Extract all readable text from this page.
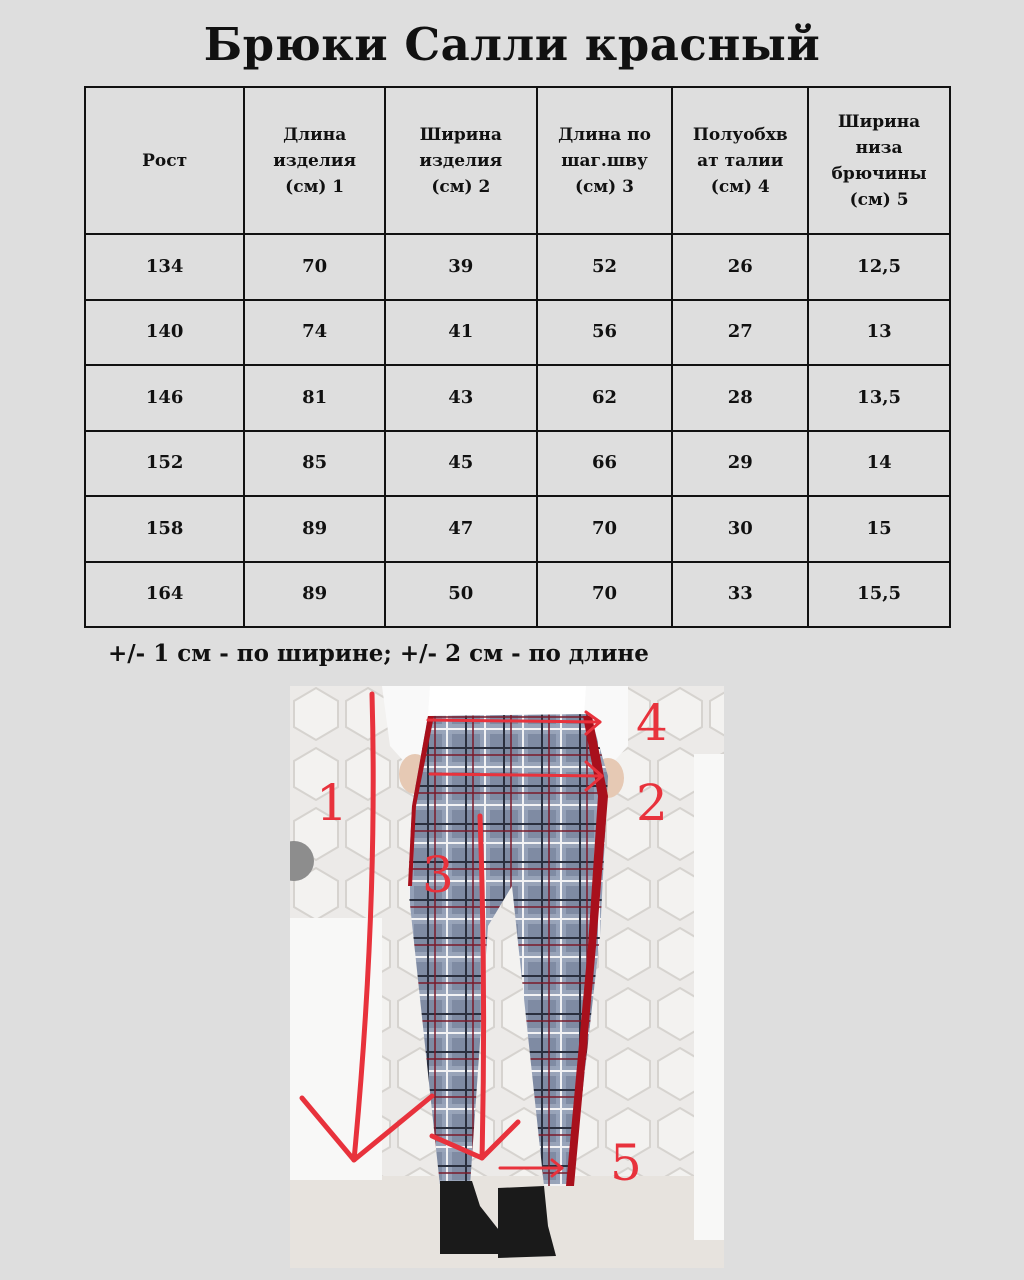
Брюки Салли красный
Рост	Длина
изделия
(см) 1	Ширина
изделия
(см) 2	Длина по
шаг.шву
(см) 3	Полуобхв
ат талии
(см) 4	Ширина
низа
брючины
(см) 5
134	70	39	52	26	12,5
140	74	41	56	27	13
146	81	43	62	28	13,5
152	85	45	66	29	14
158	89	47	70	30	15
164	89	50	70	33	15,5
+/- 1 см - по ширине; +/- 2 см - по длине
1	2
3
4
5
